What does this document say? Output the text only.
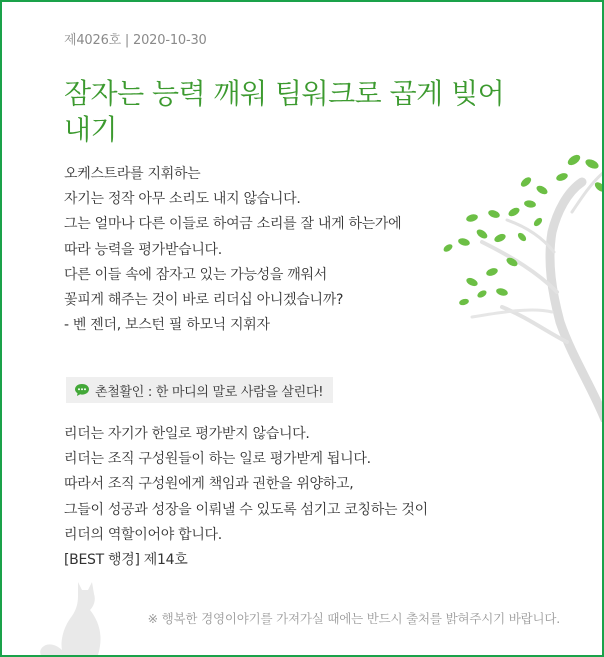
제4026호 | 2020-10-30
잠자는 능력 깨워 팀워크로 곱게 빚어 내기
오케스트라를 지휘하는
자기는 정작 아무 소리도 내지 않습니다.
그는 얼마나 다른 이들로 하여금 소리를 잘 내게 하는가에
따라 능력을 평가받습니다.
다른 이들 속에 잠자고 있는 가능성을 깨워서
꽃피게 해주는 것이 바로 리더십 아니겠습니까?
- 벤 젠더, 보스턴 필 하모닉 지휘자
촌철활인 : 한 마디의 말로 사람을 살린다!
리더는 자기가 한일로 평가받지 않습니다.
리더는 조직 구성원들이 하는 일로 평가받게 됩니다.
따라서 조직 구성원에게 책임과 권한을 위양하고,
그들이 성공과 성장을 이뤄낼 수 있도록 섬기고 코칭하는 것이
리더의 역할이어야 합니다.
[BEST 행경] 제14호
※ 행복한 경영이야기를 가져가실 때에는 반드시 출처를 밝혀주시기 바랍니다.
